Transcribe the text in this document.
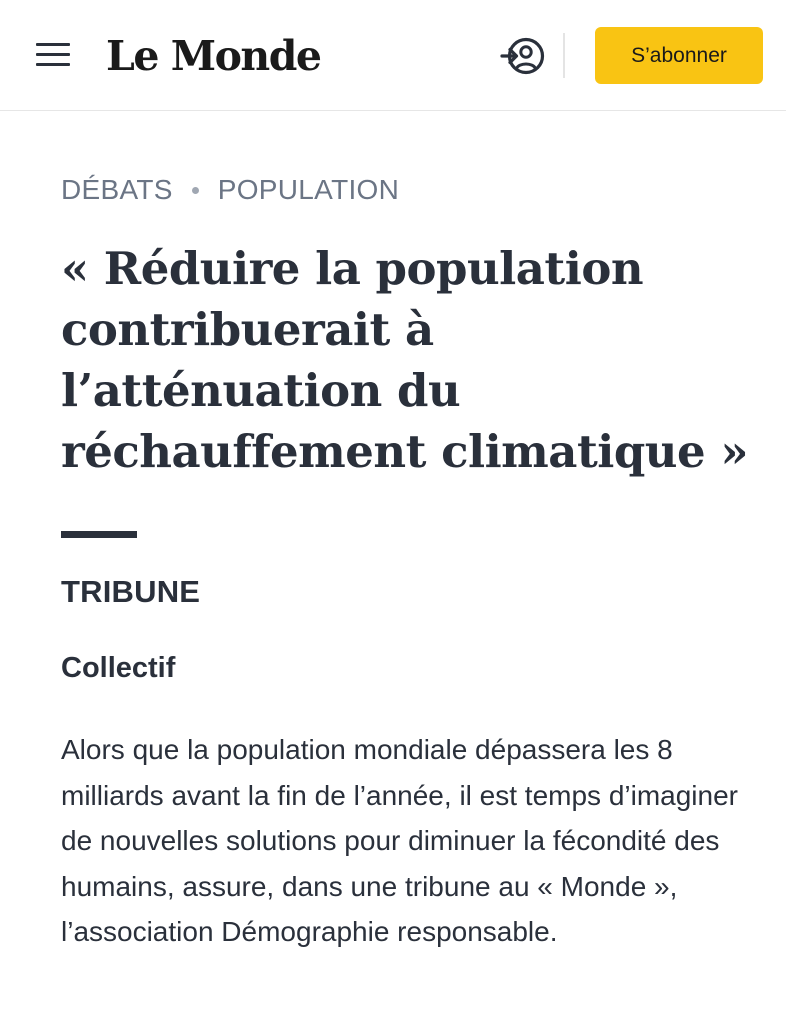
Le Monde	S’abonner
DÉBATS POPULATION
« Réduire la population contribuerait à l’atténuation du réchauffement climatique »
TRIBUNE
Collectif

Alors que la population mondiale dépassera les 8 milliards avant la fin de l’année, il est temps d’imaginer de nouvelles solutions pour diminuer la fécondité des humains, assure, dans une tribune au « Monde », l’association Démographie responsable.
